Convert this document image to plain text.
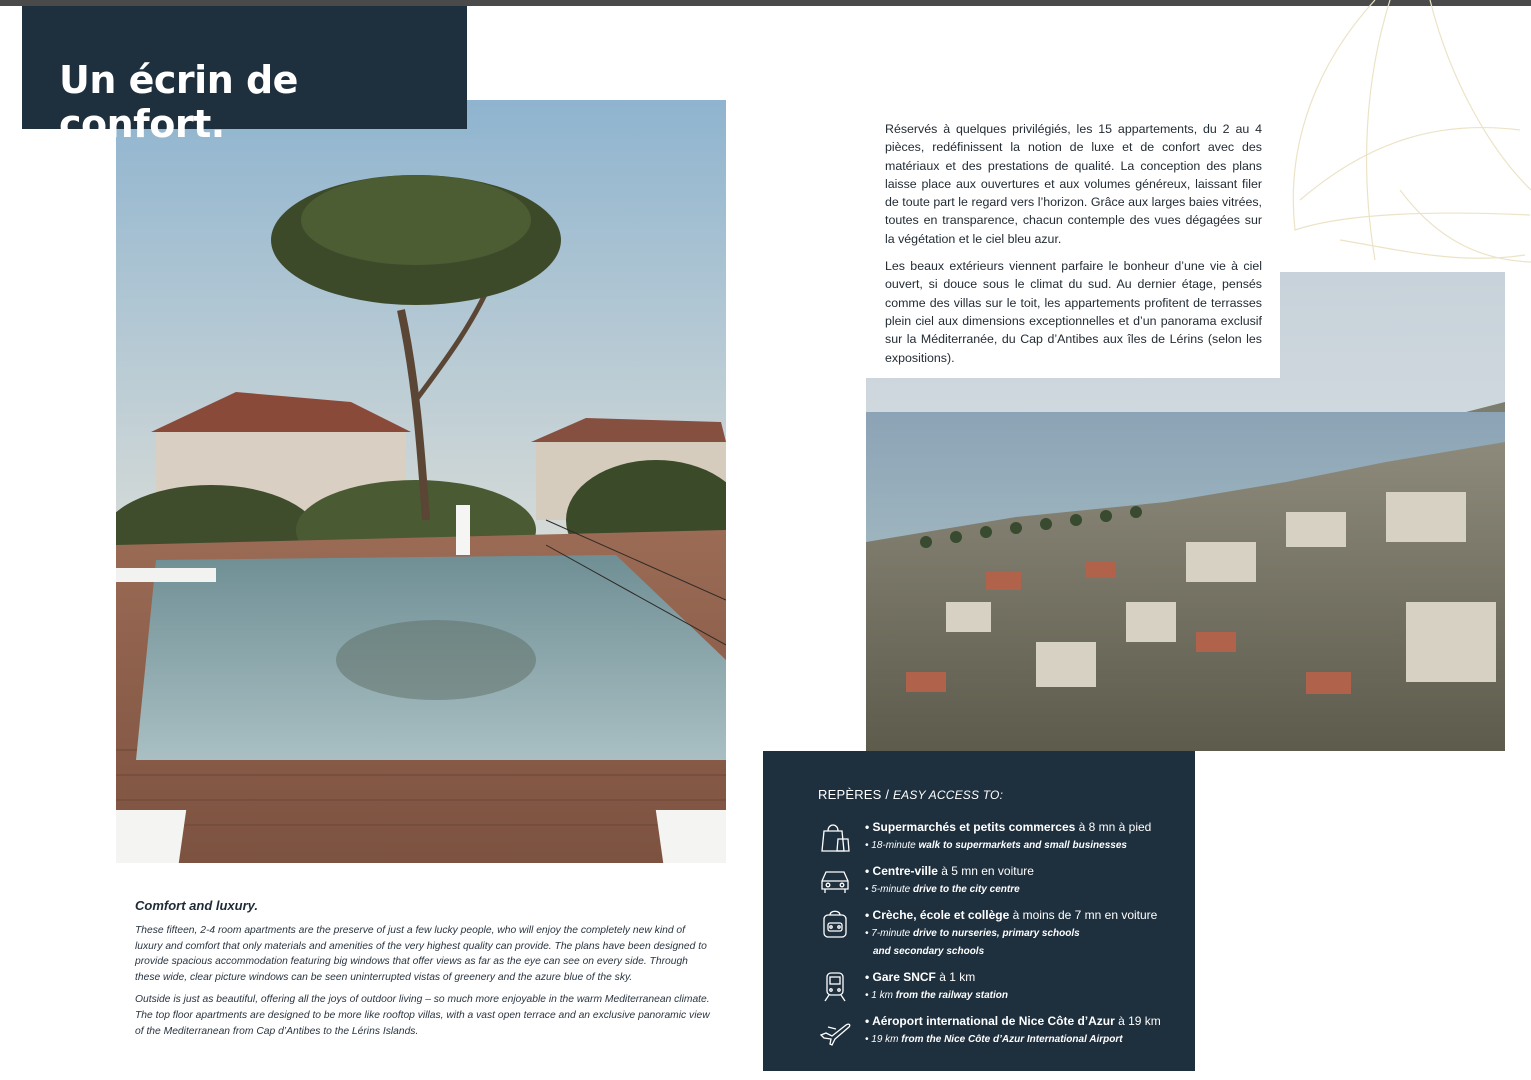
Un écrin de confort.	Réservés à quelques privilégiés, les 15 appartements, du 2 au 4 pièces, redéfinissent la notion de luxe et de confort avec des matériaux et des prestations de qualité. La conception des plans laisse place aux ouvertures et aux volumes généreux, laissant filer de toute part le regard vers l’horizon. Grâce aux larges baies vitrées, toutes en transparence, chacun contemple des vues dégagées sur la végétation et le ciel bleu azur.

Les beaux extérieurs viennent parfaire le bonheur d’une vie à ciel ouvert, si douce sous le climat du sud. Au dernier étage, pensés comme des villas sur le toit, les appartements profitent de terrasses plein ciel aux dimensions exceptionnelles et d’un panorama exclusif sur la Méditerranée, du Cap d’Antibes aux îles de Lérins (selon les expositions).

Comfort and luxury.

These fifteen, 2-4 room apartments are the preserve of just a few lucky people, who will enjoy the completely new kind of luxury and comfort that only materials and amenities of the very highest quality can provide. The plans have been designed to provide spacious accommodation featuring big windows that offer views as far as the eye can see on every side. Through these wide, clear picture windows can be seen uninterrupted vistas of greenery and the azure blue of the sky.

Outside is just as beautiful, offering all the joys of outdoor living – so much more enjoyable in the warm Mediterranean climate. The top floor apartments are designed to be more like rooftop villas, with a vast open terrace and an exclusive panoramic view of the Mediterranean from Cap d’Antibes to the Lérins Islands.

REPÈRES / EASY ACCESS TO:

• Supermarchés et petits commerces à 8 mn à pied

• 18-minute walk to supermarkets and small businesses

• Centre-ville à 5 mn en voiture

• 5-minute drive to the city centre

• Crèche, école et collège à moins de 7 mn en voiture

• 7-minute drive to nurseries, primary schools

and secondary schools

• Gare SNCF à 1 km

• 1 km from the railway station

• Aéroport international de Nice Côte d’Azur à 19 km

• 19 km from the Nice Côte d’Azur International Airport
